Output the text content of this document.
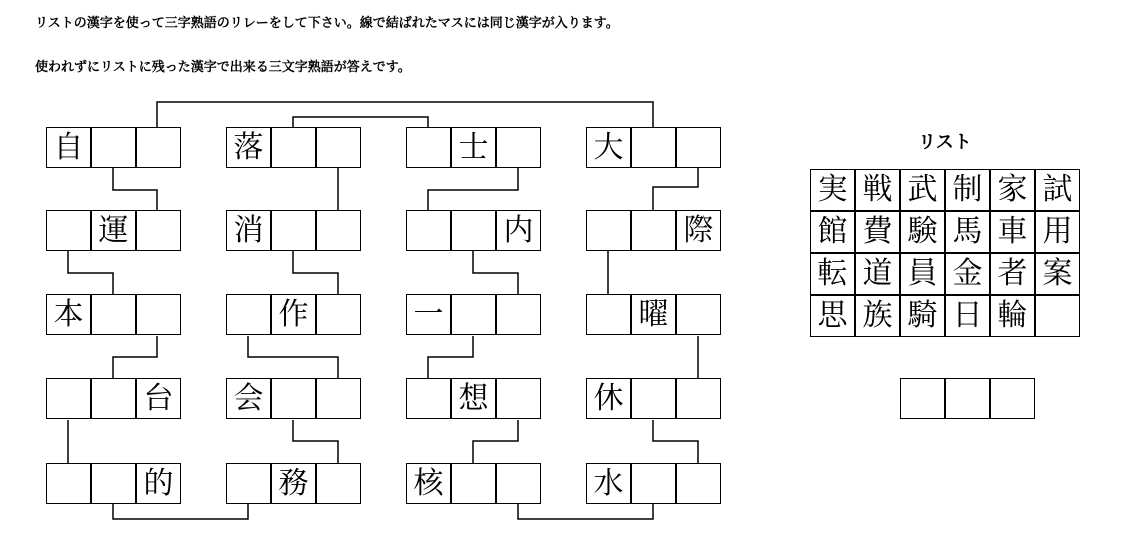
リストの漢字を使って三字熟語のリレーをして下さい。線で結ばれたマスには同じ漢字が入ります。
使われずにリストに残った漢字で出来る三文字熟語が答えです。
自
運
本
台
的
落
消
作
会
務
士
内
一
想
核
大
際
曜
休
水
リスト
実 戦 武 制 家 試
館 費 験 馬 車 用
転 道 員 金 者 案
思 族 騎 日 輪
